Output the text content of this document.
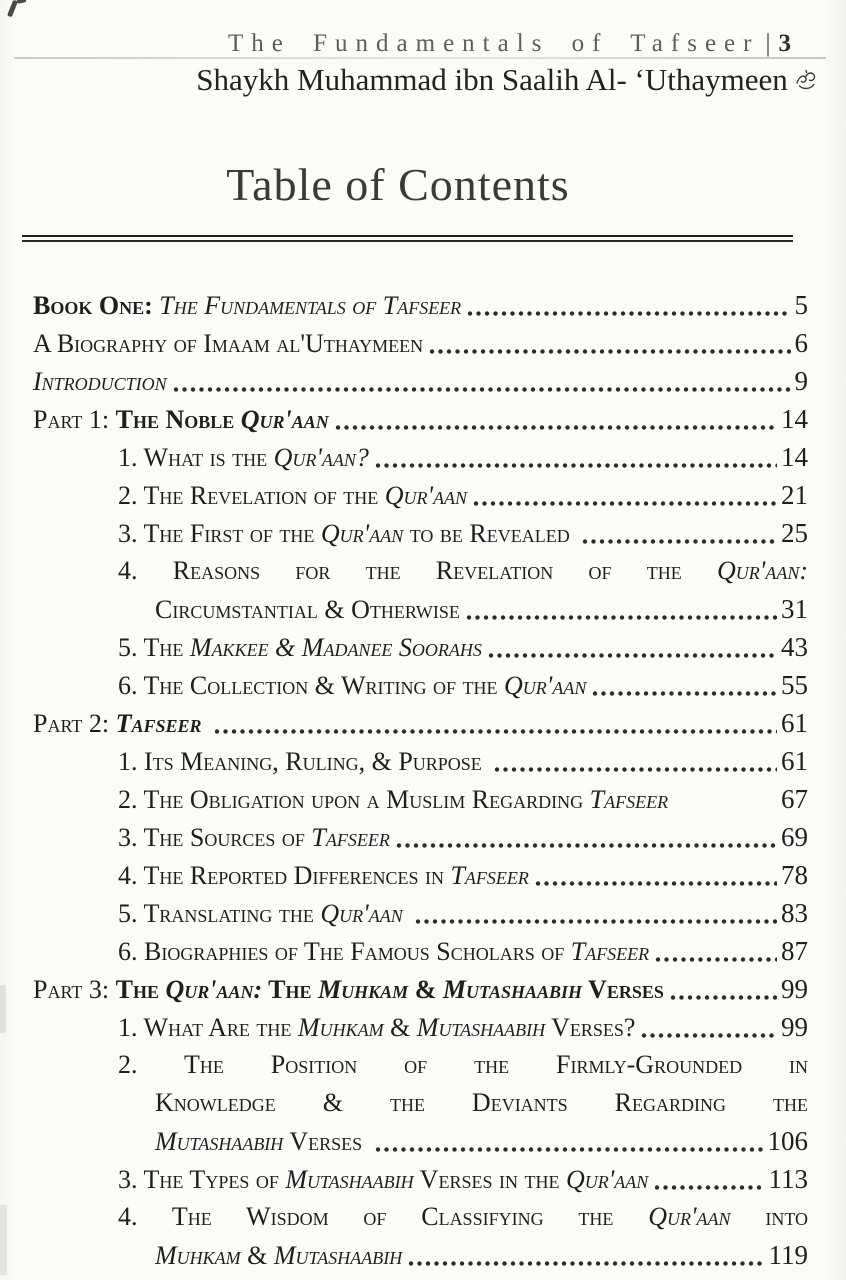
The Fundamentals of Tafseer |3
Shaykh Muhammad ibn Saalih Al- ‘Uthaymeen
Table of Contents
Book One: The Fundamentals of Tafseer	5
A Biography of Imaam al'Uthaymeen	6
Introduction	9
Part 1: The Noble Qur'aan	14
1. What is the Qur'aan?	14
2. The Revelation of the Qur'aan	21
3. The First of the Qur'aan to be Revealed	25
4. Reasons for the Revelation of the Qur'aan:
Circumstantial & Otherwise	31
5. The Makkee & Madanee Soorahs	43
6. The Collection & Writing of the Qur'aan	55
Part 2: Tafseer	61
1. Its Meaning, Ruling, & Purpose	61
2. The Obligation upon a Muslim Regarding Tafseer	67
3. The Sources of Tafseer	69
4. The Reported Differences in Tafseer	78
5. Translating the Qur'aan	83
6. Biographies of The Famous Scholars of Tafseer	87
Part 3: The Qur'aan: The Muhkam & Mutashaabih Verses	99
1. What Are the Muhkam & Mutashaabih Verses?	99
2. The Position of the Firmly-Grounded in
Knowledge & the Deviants Regarding the
Mutashaabih Verses	106
3. The Types of Mutashaabih Verses in the Qur'aan	113
4. The Wisdom of Classifying the Qur'aan into
Muhkam & Mutashaabih	119
